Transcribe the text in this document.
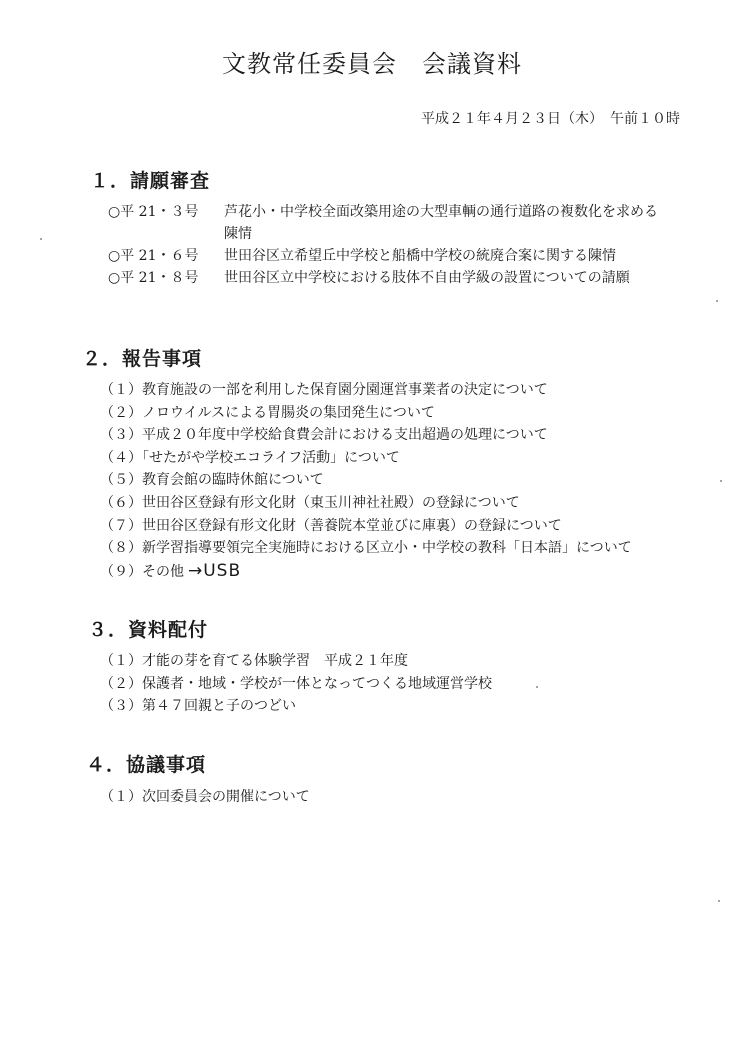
文教常任委員会　会議資料
平成２１年４月２３日（木）　午前１０時
１．請願審査
○平 21・３号	芦花小・中学校全面改築用途の大型車輌の通行道路の複数化を求める陳情
○平 21・６号	世田谷区立希望丘中学校と船橋中学校の統廃合案に関する陳情
○平 21・８号	世田谷区立中学校における肢体不自由学級の設置についての請願
２．報告事項
（１）教育施設の一部を利用した保育園分園運営事業者の決定について
（２）ノロウイルスによる胃腸炎の集団発生について
（３）平成２０年度中学校給食費会計における支出超過の処理について
（４）「せたがや学校エコライフ活動」について
（５）教育会館の臨時休館について
（６）世田谷区登録有形文化財（東玉川神社社殿）の登録について
（７）世田谷区登録有形文化財（善養院本堂並びに庫裏）の登録について
（８）新学習指導要領完全実施時における区立小・中学校の教科「日本語」について
（９）その他 →USB
３．資料配付
（１）才能の芽を育てる体験学習　平成２１年度
（２）保護者・地域・学校が一体となってつくる地域運営学校
（３）第４７回親と子のつどい
４．協議事項
（１）次回委員会の開催について
